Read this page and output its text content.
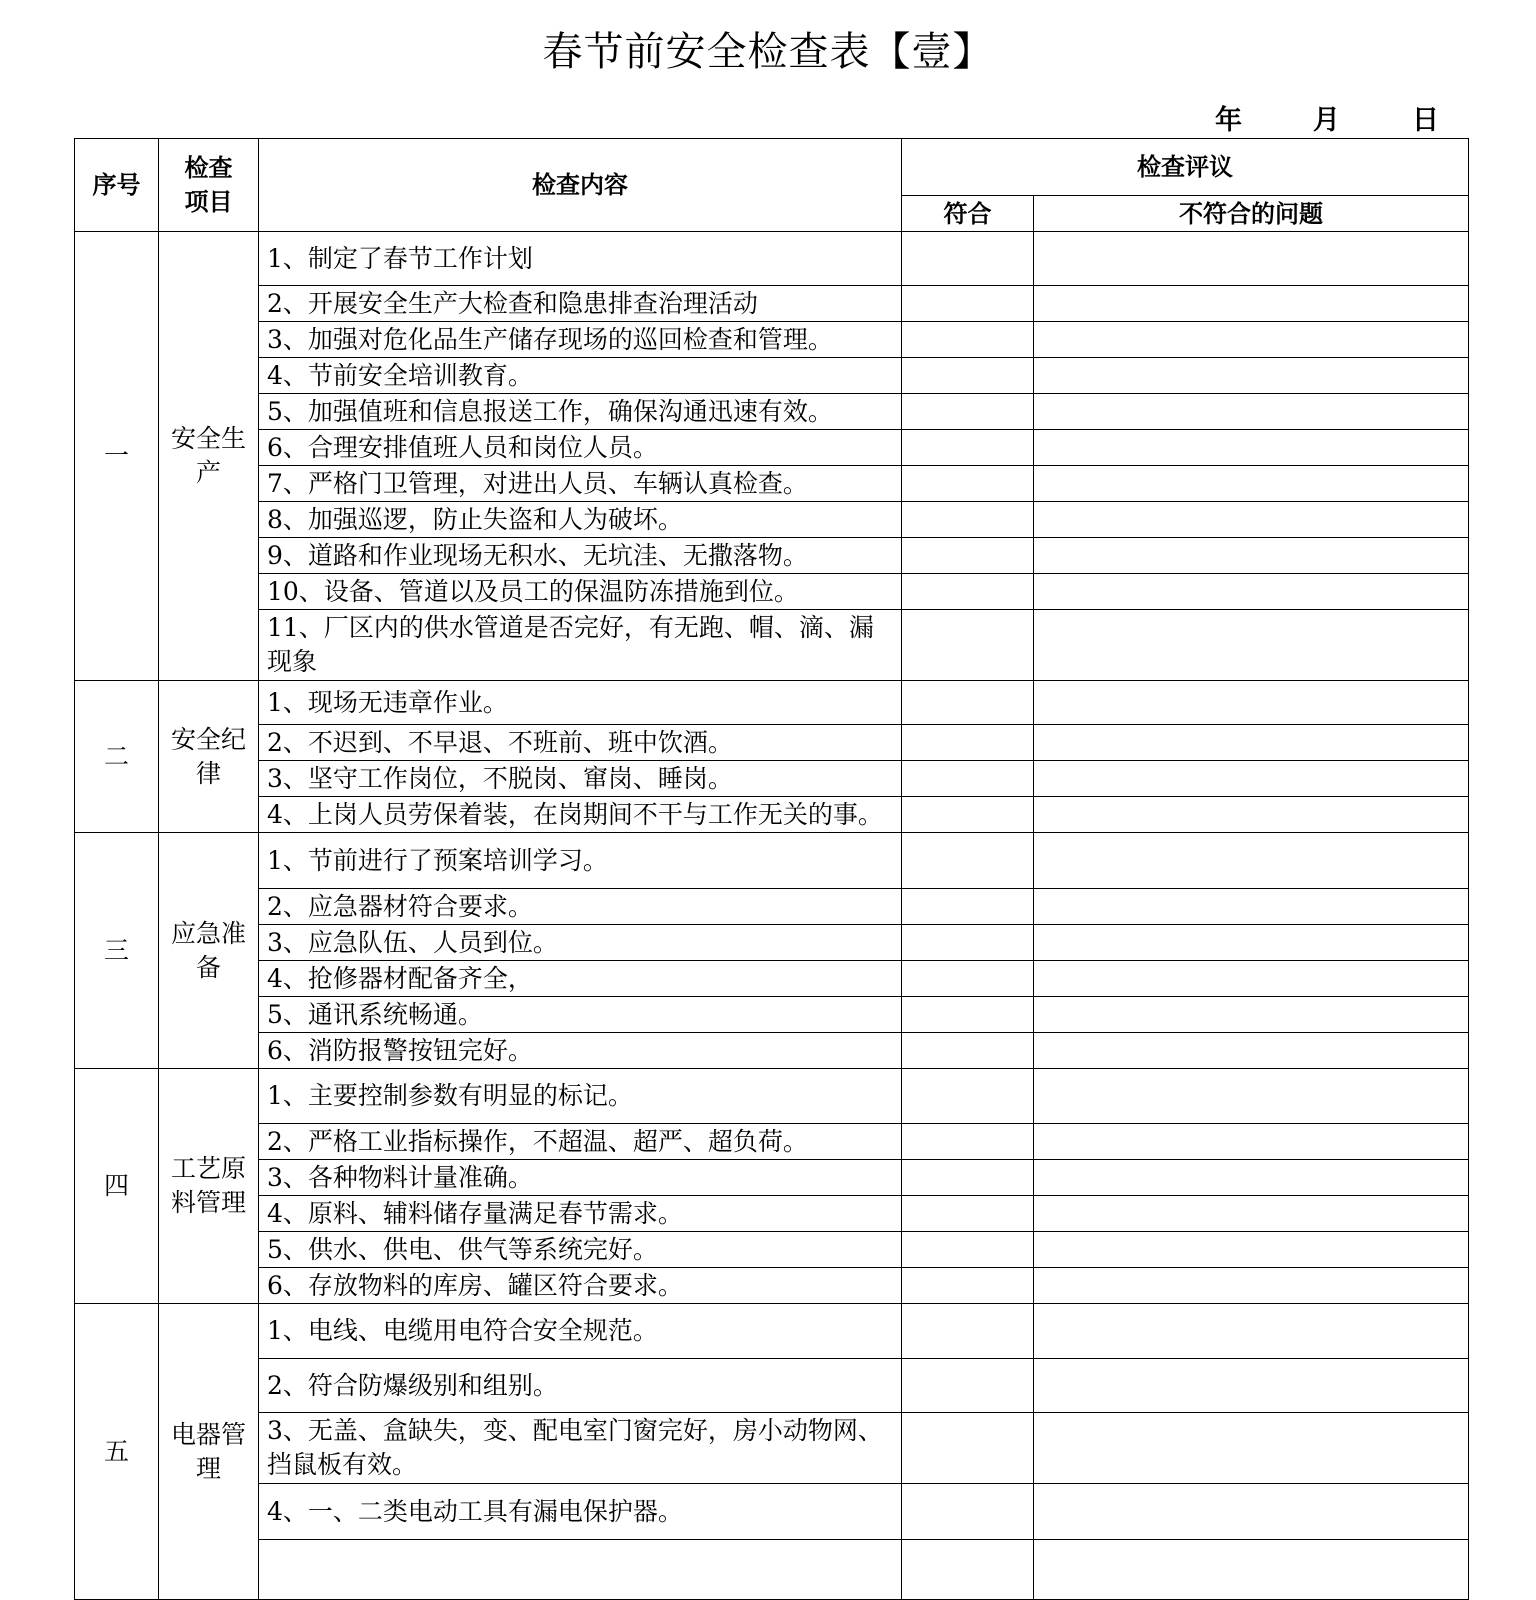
春节前安全检查表【壹】
年	月	日
序号	检查项目	检查内容	检查评议	
			符合	不符合的问题
一	安全生产	1、制定了春节工作计划		
		2、开展安全生产大检查和隐患排查治理活动		
		3、加强对危化品生产储存现场的巡回检查和管理。		
		4、节前安全培训教育。		
		5、加强值班和信息报送工作，确保沟通迅速有效。		
		6、合理安排值班人员和岗位人员。		
		7、严格门卫管理，对进出人员、车辆认真检查。		
		8、加强巡逻，防止失盗和人为破坏。		
		9、道路和作业现场无积水、无坑洼、无撒落物。		
		10、设备、管道以及员工的保温防冻措施到位。		
		11、厂区内的供水管道是否完好，有无跑、帽、滴、漏现象		
二	安全纪律	1、现场无违章作业。		
		2、不迟到、不早退、不班前、班中饮酒。		
		3、坚守工作岗位，不脱岗、窜岗、睡岗。		
		4、上岗人员劳保着装，在岗期间不干与工作无关的事。		
三	应急准备	1、节前进行了预案培训学习。		
		2、应急器材符合要求。		
		3、应急队伍、人员到位。		
		4、抢修器材配备齐全，		
		5、通讯系统畅通。		
		6、消防报警按钮完好。		
四	工艺原料管理	1、主要控制参数有明显的标记。		
		2、严格工业指标操作，不超温、超严、超负荷。		
		3、各种物料计量准确。		
		4、原料、辅料储存量满足春节需求。		
		5、供水、供电、供气等系统完好。		
		6、存放物料的库房、罐区符合要求。		
五	电器管理	1、电线、电缆用电符合安全规范。		
		2、符合防爆级别和组别。		
		3、无盖、盒缺失，变、配电室门窗完好，房小动物网、挡鼠板有效。		
		4、一、二类电动工具有漏电保护器。		
